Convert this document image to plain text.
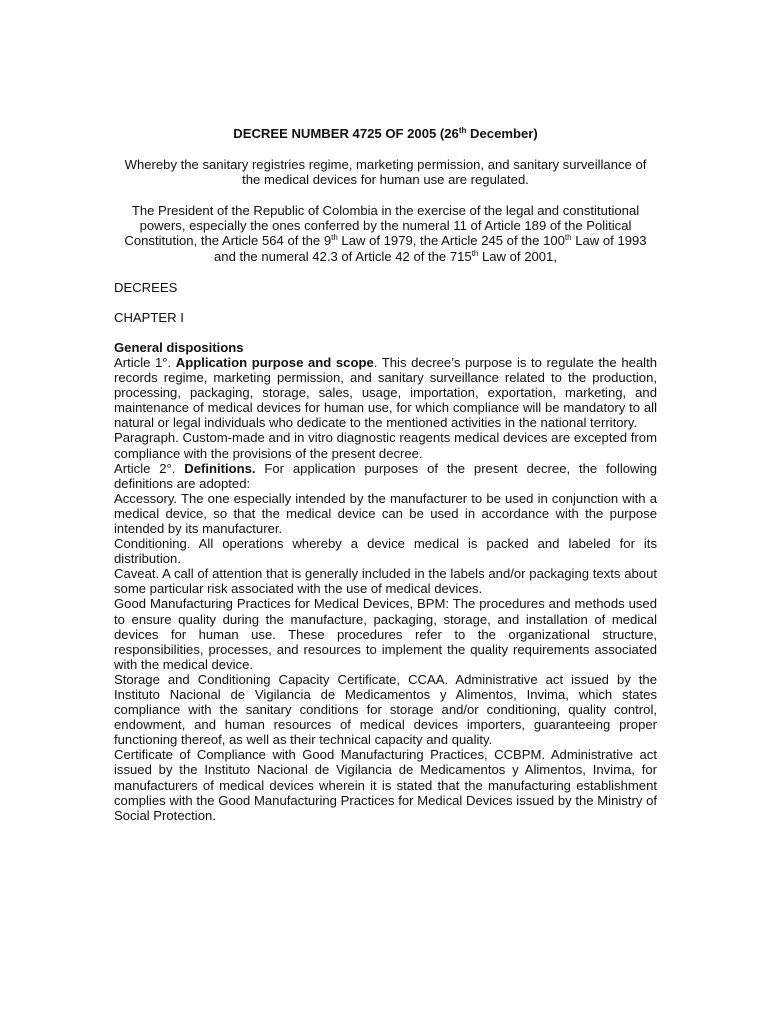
DECREE NUMBER 4725 OF 2005 (26th December)

Whereby the sanitary registries regime, marketing permission, and sanitary surveillance of the medical devices for human use are regulated.

The President of the Republic of Colombia in the exercise of the legal and constitutional powers, especially the ones conferred by the numeral 11 of Article 189 of the Political Constitution, the Article 564 of the 9th Law of 1979, the Article 245 of the 100th Law of 1993 and the numeral 42.3 of Article 42 of the 715th Law of 2001,

DECREES

CHAPTER I

General dispositions

Article 1°. Application purpose and scope. This decree’s purpose is to regulate the health records regime, marketing permission, and sanitary surveillance related to the production, processing, packaging, storage, sales, usage, importation, exportation, marketing, and maintenance of medical devices for human use, for which compliance will be mandatory to all natural or legal individuals who dedicate to the mentioned activities in the national territory.

Paragraph. Custom-made and in vitro diagnostic reagents medical devices are excepted from compliance with the provisions of the present decree.

Article 2°. Definitions. For application purposes of the present decree, the following definitions are adopted:

Accessory. The one especially intended by the manufacturer to be used in conjunction with a medical device, so that the medical device can be used in accordance with the purpose intended by its manufacturer.

Conditioning. All operations whereby a device medical is packed and labeled for its distribution.

Caveat. A call of attention that is generally included in the labels and/or packaging texts about some particular risk associated with the use of medical devices.

Good Manufacturing Practices for Medical Devices, BPM: The procedures and methods used to ensure quality during the manufacture, packaging, storage, and installation of medical devices for human use. These procedures refer to the organizational structure, responsibilities, processes, and resources to implement the quality requirements associated with the medical device.

Storage and Conditioning Capacity Certificate, CCAA. Administrative act issued by the Instituto Nacional de Vigilancia de Medicamentos y Alimentos, Invima, which states compliance with the sanitary conditions for storage and/or conditioning, quality control, endowment, and human resources of medical devices importers, guaranteeing proper functioning thereof, as well as their technical capacity and quality.

Certificate of Compliance with Good Manufacturing Practices, CCBPM. Administrative act issued by the Instituto Nacional de Vigilancia de Medicamentos y Alimentos, Invima, for manufacturers of medical devices wherein it is stated that the manufacturing establishment complies with the Good Manufacturing Practices for Medical Devices issued by the Ministry of Social Protection.
